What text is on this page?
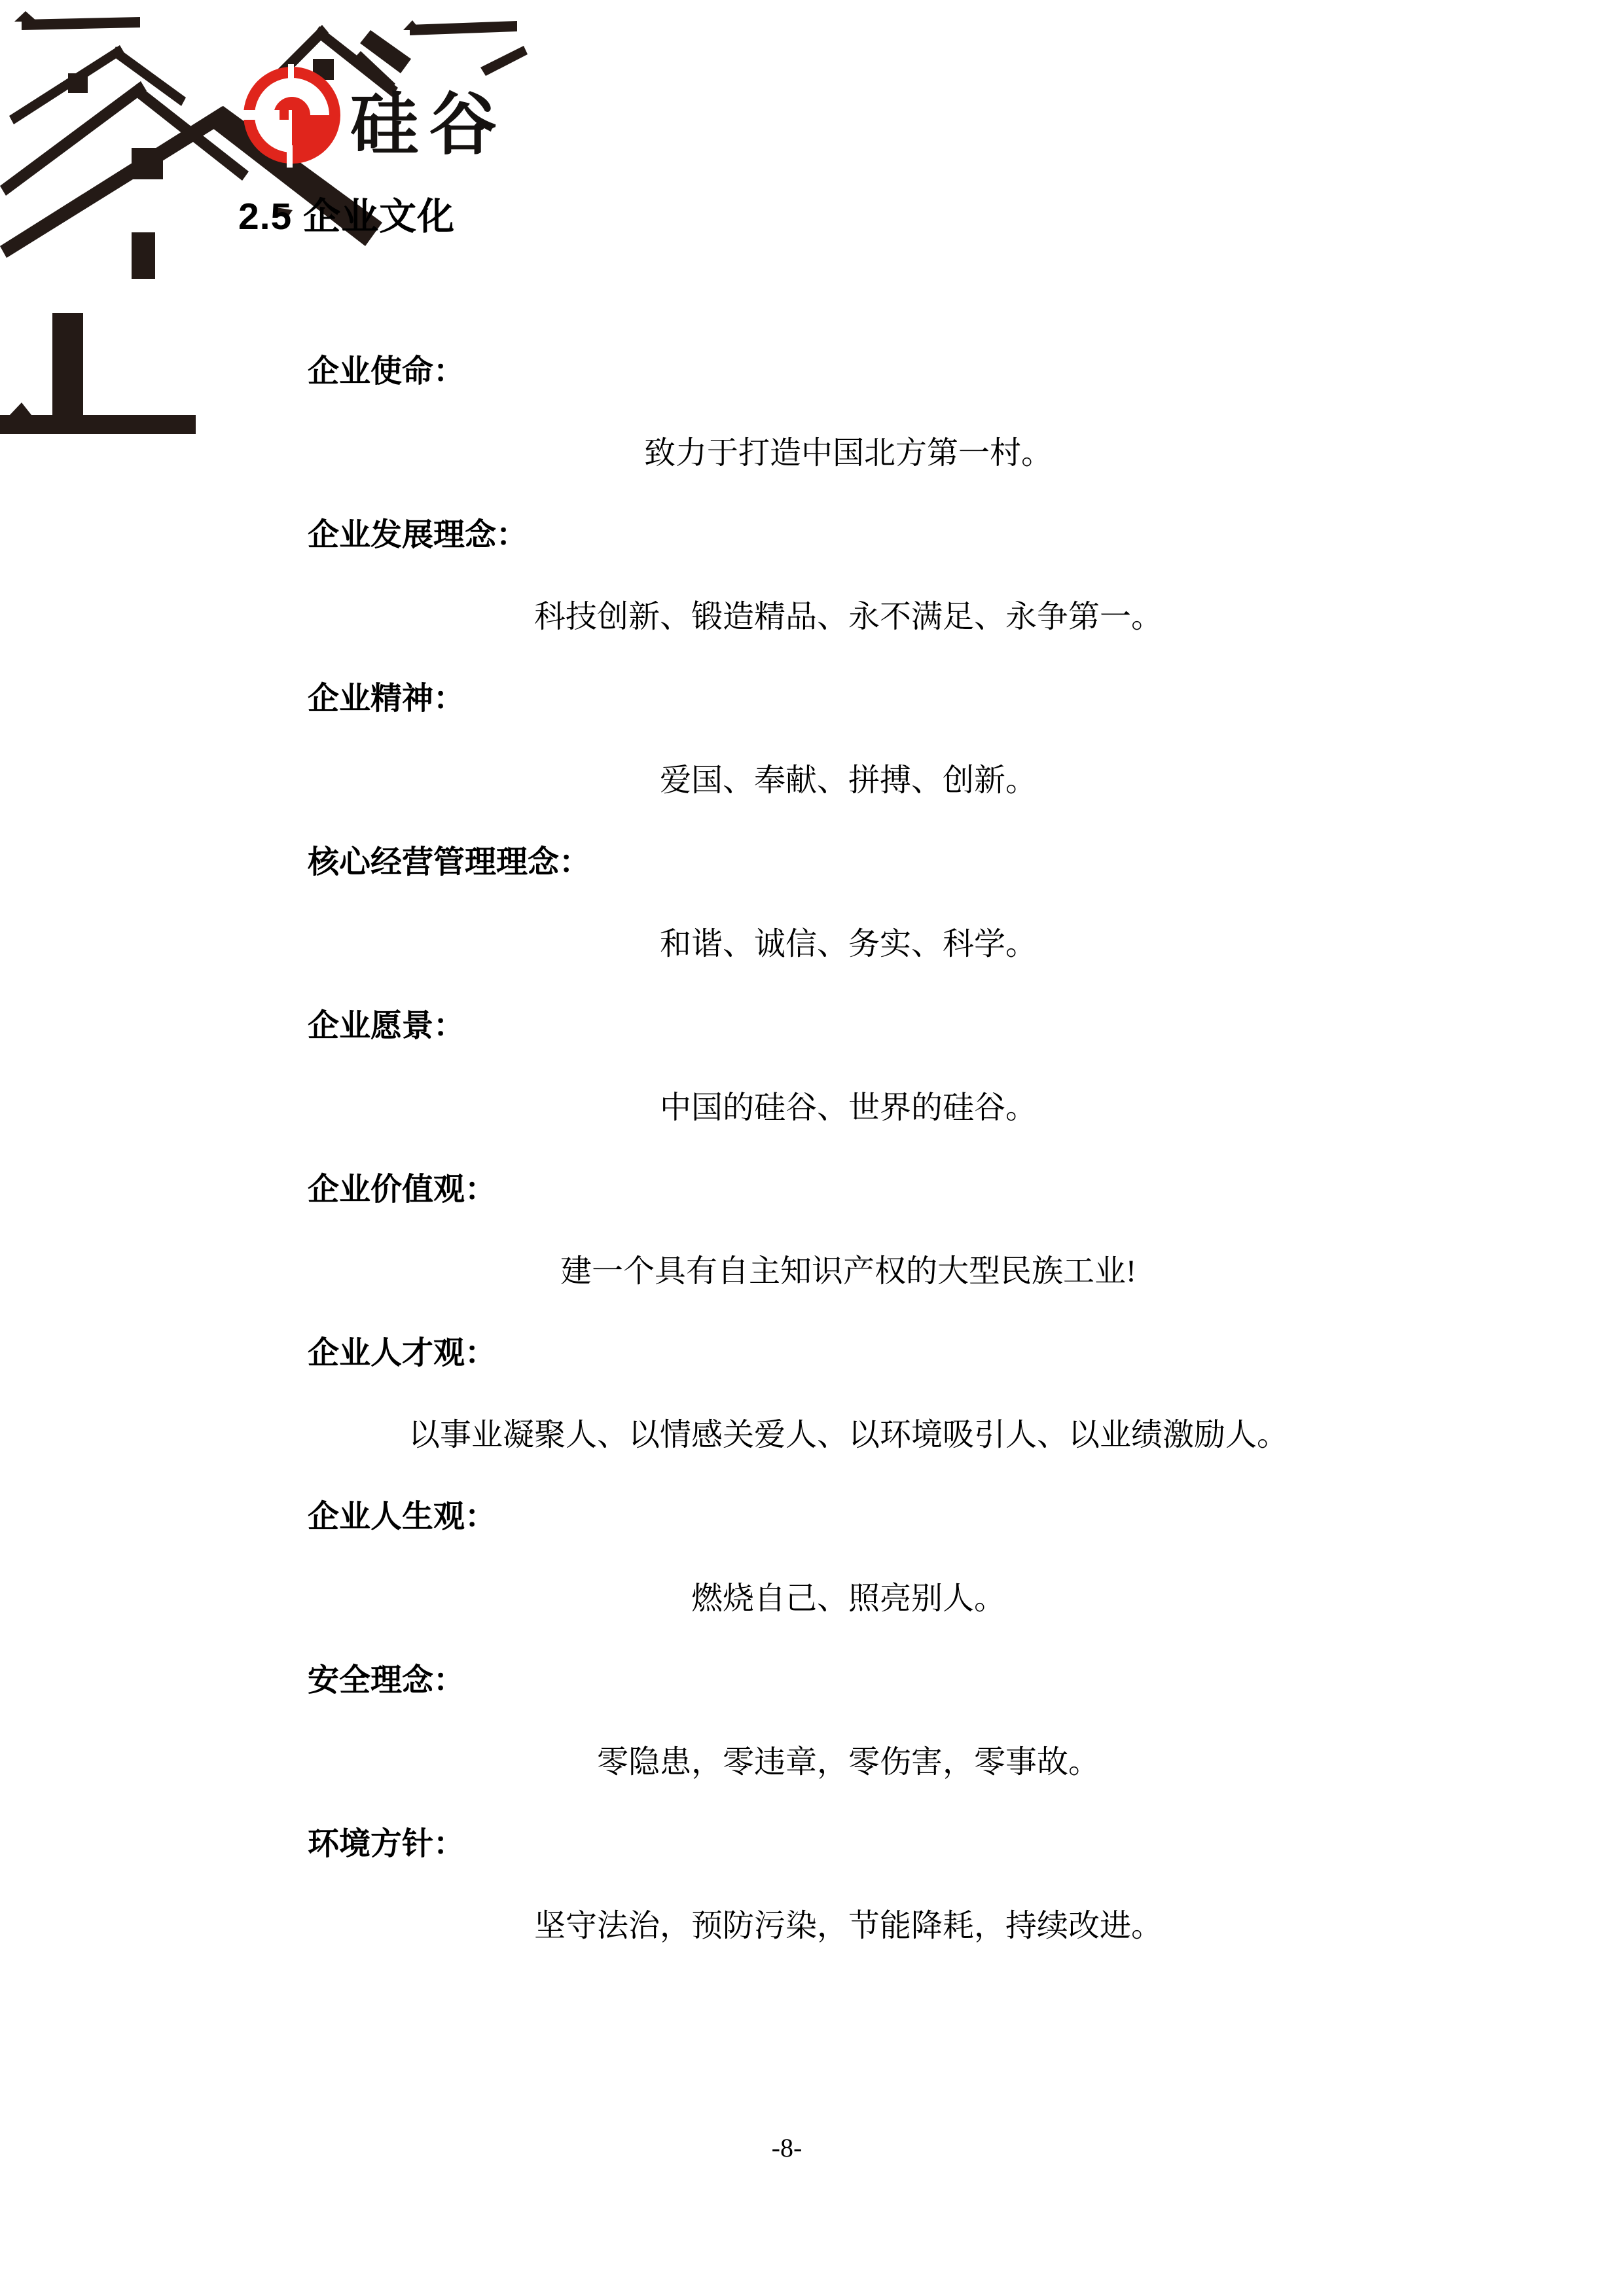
硅谷
2.5 企业文化
企业使命：
致力于打造中国北方第一村。
企业发展理念：
科技创新、锻造精品、永不满足、永争第一。
企业精神：
爱国、奉献、拼搏、创新。
核心经营管理理念：
和谐、诚信、务实、科学。
企业愿景：
中国的硅谷、世界的硅谷。
企业价值观：
建一个具有自主知识产权的大型民族工业!
企业人才观：
以事业凝聚人、以情感关爱人、以环境吸引人、以业绩激励人。
企业人生观：
燃烧自己、照亮别人。
安全理念：
零隐患，零违章，零伤害，零事故。
环境方针：
坚守法治，预防污染，节能降耗，持续改进。
-8-
